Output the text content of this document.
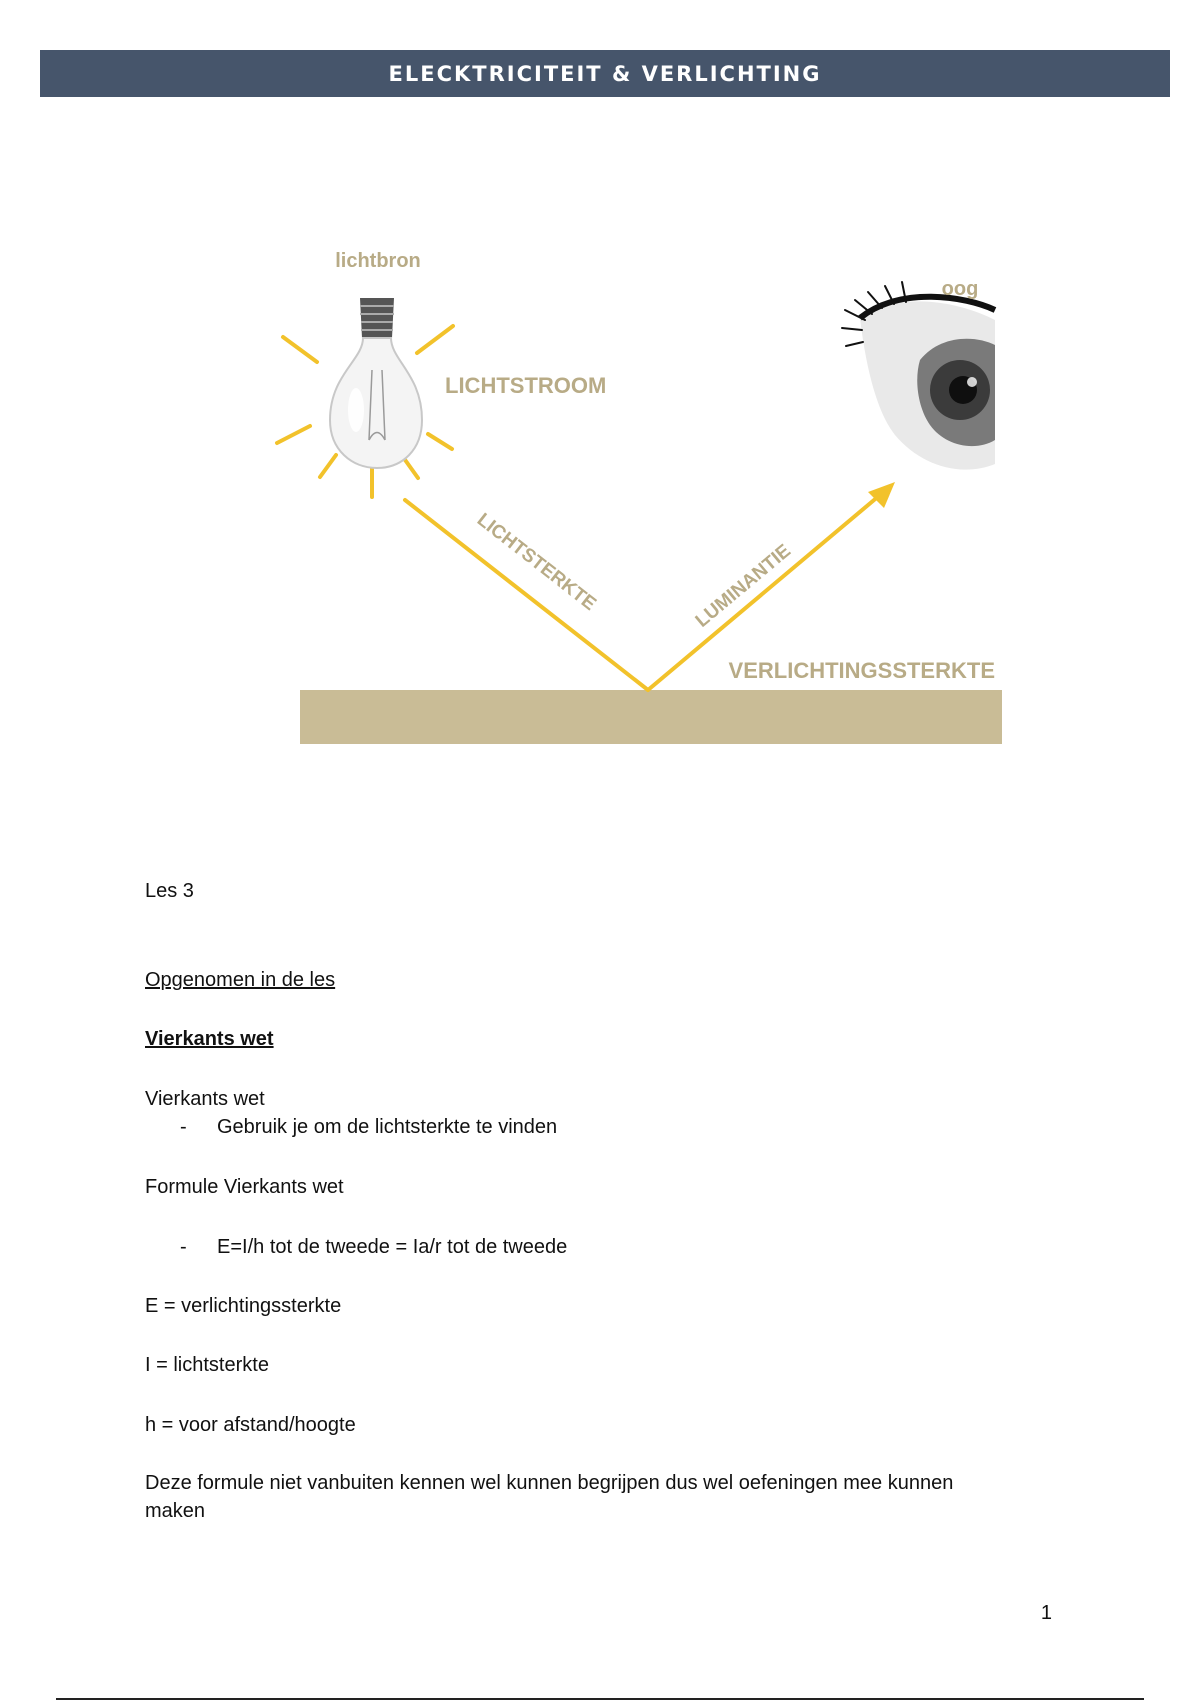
ELECKTRICITEIT & VERLICHTING
lichtbron
oog
LICHTSTROOM
LICHTSTERKTE	LUMINANTIE
VERLICHTINGSSTERKTE
Les 3
Opgenomen in de les
Vierkants wet
Vierkants wet
- Gebruik je om de lichtsterkte te vinden
Formule Vierkants wet
- E=I/h tot de tweede = Ia/r tot de tweede
E = verlichtingssterkte
I = lichtsterkte
h = voor afstand/hoogte
Deze formule niet vanbuiten kennen wel kunnen begrijpen dus wel oefeningen mee kunnen
maken
1
